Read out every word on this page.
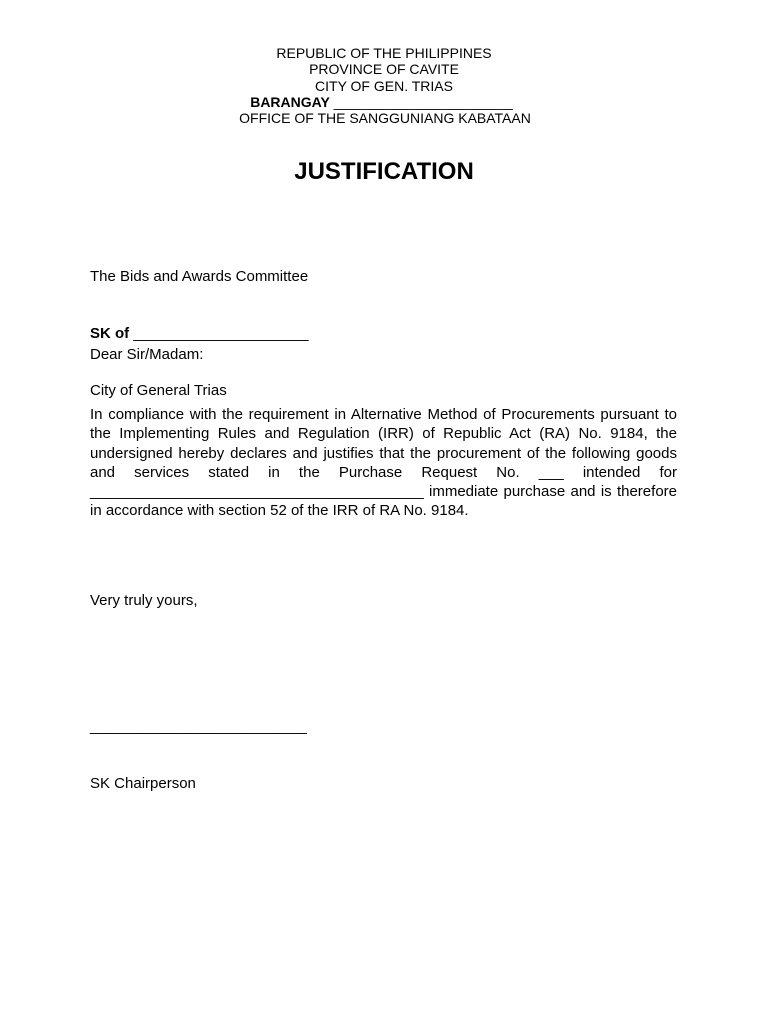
REPUBLIC OF THE PHILIPPINES
PROVINCE OF CAVITE
CITY OF GEN. TRIAS
BARANGAY _______________________
OFFICE OF THE SANGGUNIANG KABATAAN
JUSTIFICATION

The Bids and Awards Committee

SK of _____________________

City of General Trias

Dear Sir/Madam:
In compliance with the requirement in Alternative Method of Procurements pursuant to the Implementing Rules and Regulation (IRR) of Republic Act (RA) No. 9184, the undersigned hereby declares and justifies that the procurement of the following goods and services stated in the Purchase Request No. ___ intended for ________________________________________ immediate purchase and is therefore in accordance with section 52 of the IRR of RA No. 9184.
Very truly yours,

__________________________

SK Chairperson
